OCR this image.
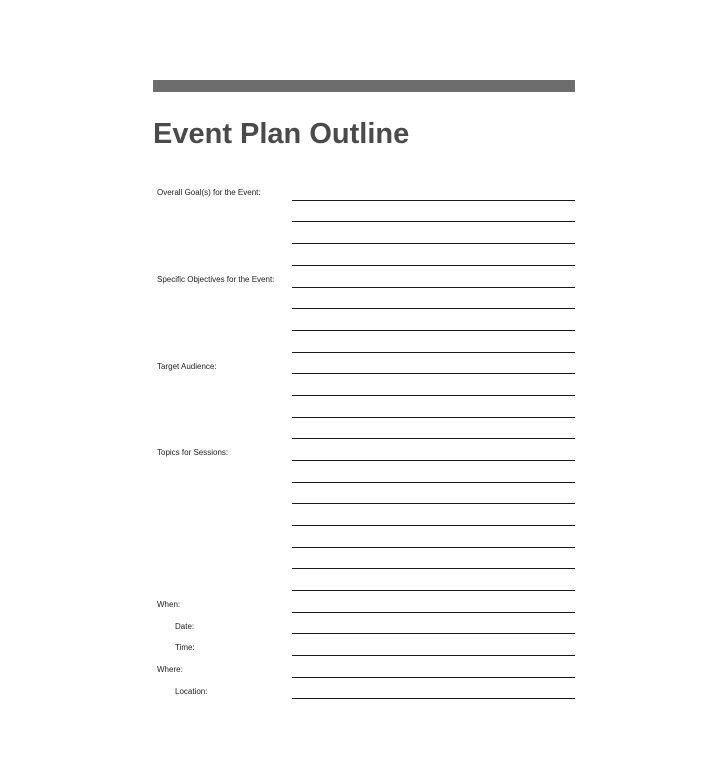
Event Plan Outline
Overall Goal(s) for the Event:
Specific Objectives for the Event:
Target Audience:
Topics for Sessions:
When:
Date:
Time:
Where:
Location:
